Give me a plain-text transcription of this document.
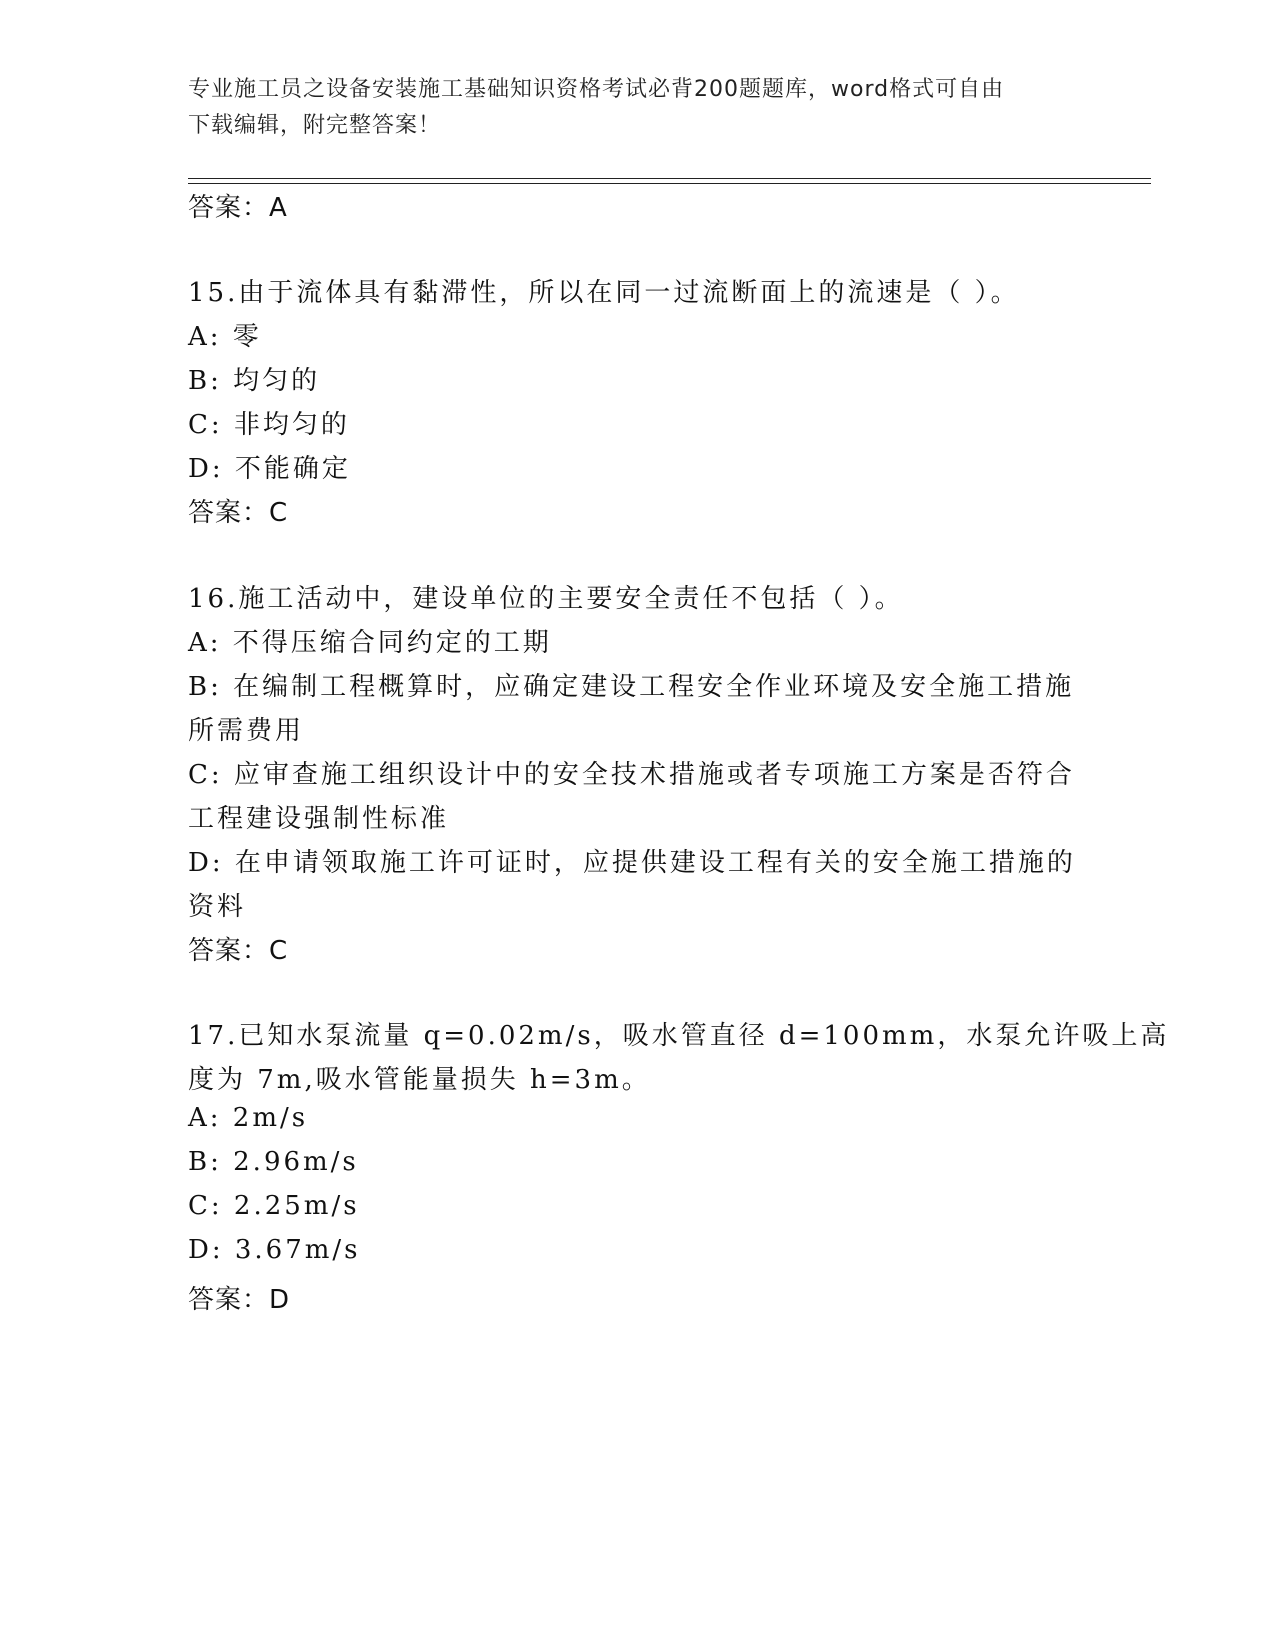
专业施工员之设备安装施工基础知识资格考试必背200题题库，word格式可自由
下载编辑，附完整答案！
答案：A
15.由于流体具有黏滞性，所以在同一过流断面上的流速是（ ）。
A: 零
B: 均匀的
C: 非均匀的
D: 不能确定
答案：C
16.施工活动中，建设单位的主要安全责任不包括（ ）。
A: 不得压缩合同约定的工期
B: 在编制工程概算时，应确定建设工程安全作业环境及安全施工措施
所需费用
C: 应审查施工组织设计中的安全技术措施或者专项施工方案是否符合
工程建设强制性标准
D: 在申请领取施工许可证时，应提供建设工程有关的安全施工措施的
资料
答案：C
17.已知水泵流量 q=0.02m/s，吸水管直径 d=100mm，水泵允许吸上高
度为 7m,吸水管能量损失 h=3m。
A: 2m/s
B: 2.96m/s
C: 2.25m/s
D: 3.67m/s
答案：D
